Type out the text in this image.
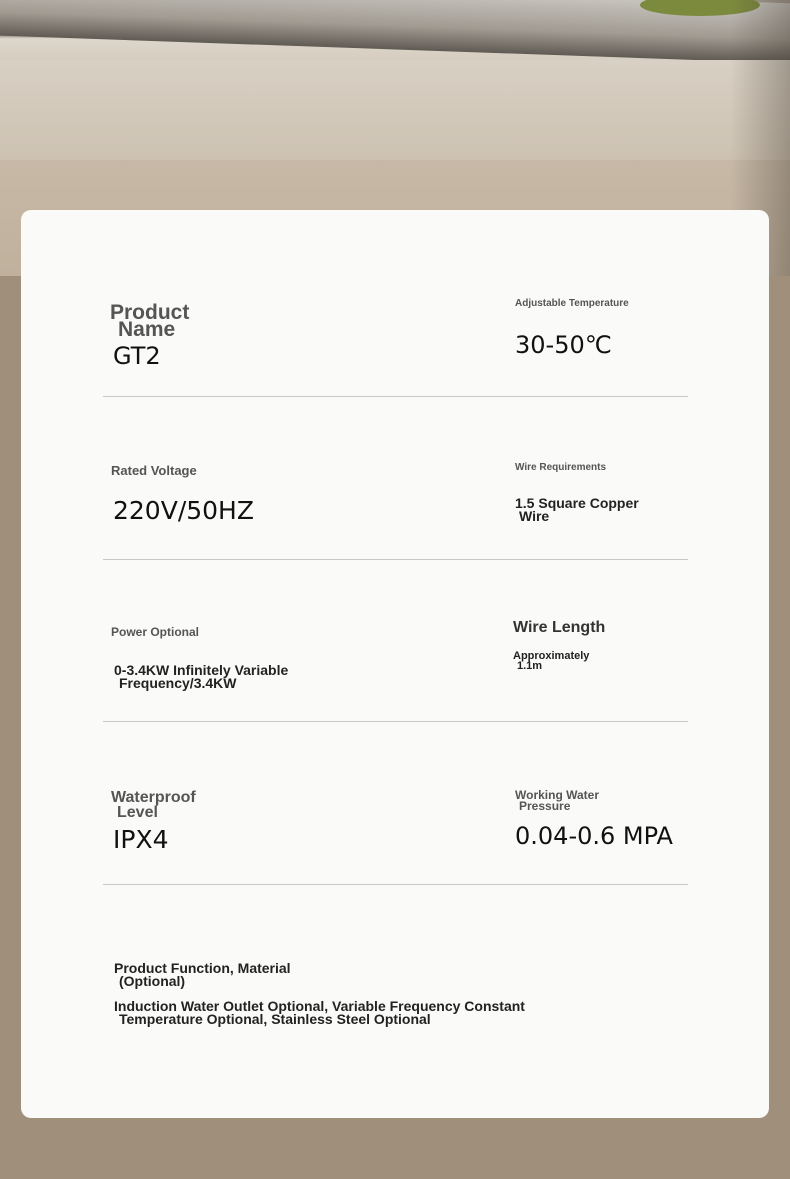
Product
Name
GT2
Adjustable Temperature
30-50℃
Rated Voltage
220V/50HZ
Wire Requirements
1.5 Square Copper
Wire
Power Optional
0-3.4KW Infinitely Variable
Frequency/3.4KW
Wire Length
Approximately
1.1m
Waterproof
Level
IPX4
Working Water
Pressure
0.04-0.6 MPA
Product Function, Material
(Optional)
Induction Water Outlet Optional, Variable Frequency Constant
Temperature Optional, Stainless Steel Optional
